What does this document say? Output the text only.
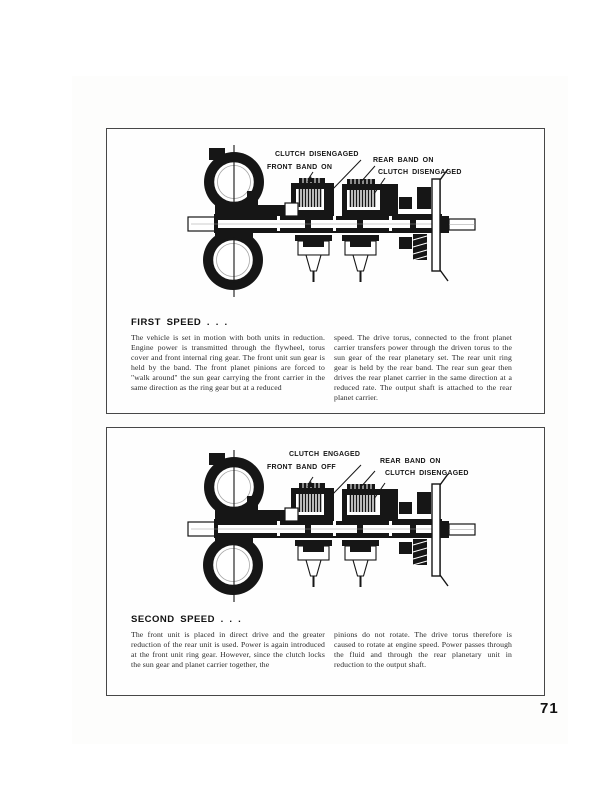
CLUTCH DISENGAGED
FRONT BAND ON
REAR BAND ON
CLUTCH DISENGAGED
FIRST SPEED . . .
The vehicle is set in motion with both units in reduction. Engine power is transmitted through the flywheel, torus cover and front internal ring gear. The front unit sun gear is held by the band. The front planet pinions are forced to "walk around" the sun gear carrying the front carrier in the same direction as the ring gear but at a reduced
speed. The drive torus, connected to the front planet carrier transfers power through the driven torus to the sun gear of the rear planetary set. The rear unit ring gear is held by the rear band. The rear sun gear then drives the rear planet carrier in the same direction at a reduced rate. The output shaft is attached to the rear planet carrier.
CLUTCH ENGAGED
FRONT BAND OFF
REAR BAND ON
CLUTCH DISENGAGED
SECOND SPEED . . .
The front unit is placed in direct drive and the greater reduction of the rear unit is used. Power is again introduced at the front unit ring gear. However, since the clutch locks the sun gear and planet carrier together, the
pinions do not rotate. The drive torus therefore is caused to rotate at engine speed. Power passes through the fluid and through the rear planetary unit in reduction to the output shaft.
71
